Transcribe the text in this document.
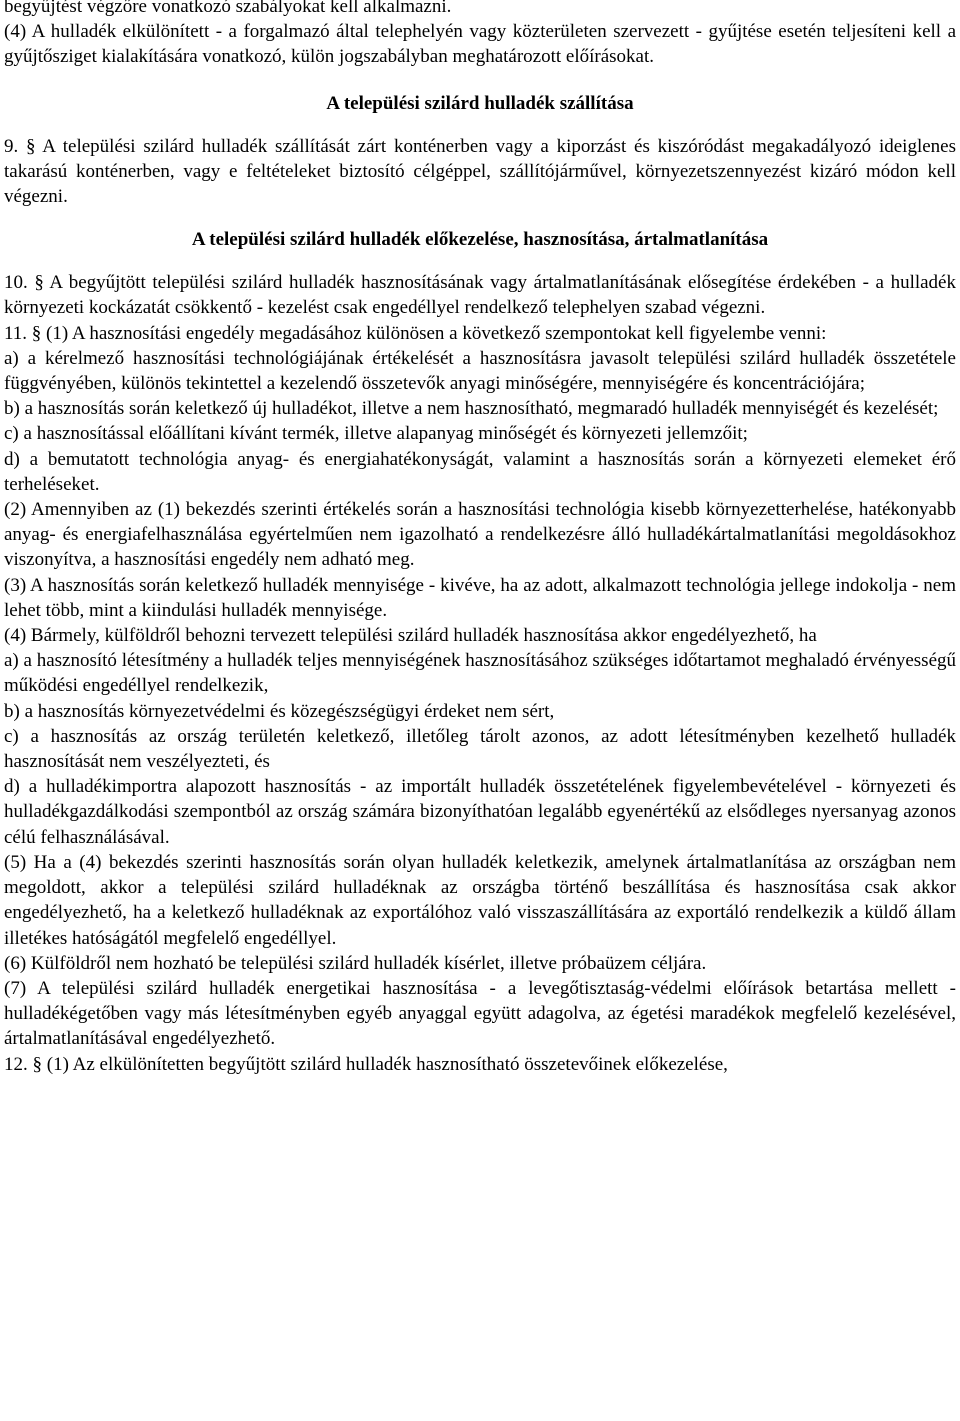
begyűjtést végzőre vonatkozó szabályokat kell alkalmazni.

(4) A hulladék elkülönített - a forgalmazó által telephelyén vagy közterületen szervezett - gyűjtése esetén teljesíteni kell a gyűjtősziget kialakítására vonatkozó, külön jogszabályban meghatározott előírásokat.

A települési szilárd hulladék szállítása

9. § A települési szilárd hulladék szállítását zárt konténerben vagy a kiporzást és kiszóródást megakadályozó ideiglenes takarású konténerben, vagy e feltételeket biztosító célgéppel, szállítójárművel, környezetszennyezést kizáró módon kell végezni.

A települési szilárd hulladék előkezelése, hasznosítása, ártalmatlanítása

10. § A begyűjtött települési szilárd hulladék hasznosításának vagy ártalmatlanításának elősegítése érdekében - a hulladék környezeti kockázatát csökkentő - kezelést csak engedéllyel rendelkező telephelyen szabad végezni.

11. § (1) A hasznosítási engedély megadásához különösen a következő szempontokat kell figyelembe venni:

a) a kérelmező hasznosítási technológiájának értékelését a hasznosításra javasolt települési szilárd hulladék összetétele függvényében, különös tekintettel a kezelendő összetevők anyagi minőségére, mennyiségére és koncentrációjára;

b) a hasznosítás során keletkező új hulladékot, illetve a nem hasznosítható, megmaradó hulladék mennyiségét és kezelését;

c) a hasznosítással előállítani kívánt termék, illetve alapanyag minőségét és környezeti jellemzőit;

d) a bemutatott technológia anyag- és energiahatékonyságát, valamint a hasznosítás során a környezeti elemeket érő terheléseket.

(2) Amennyiben az (1) bekezdés szerinti értékelés során a hasznosítási technológia kisebb környezetterhelése, hatékonyabb anyag- és energiafelhasználása egyértelműen nem igazolható a rendelkezésre álló hulladékártalmatlanítási megoldásokhoz viszonyítva, a hasznosítási engedély nem adható meg.

(3) A hasznosítás során keletkező hulladék mennyisége - kivéve, ha az adott, alkalmazott technológia jellege indokolja - nem lehet több, mint a kiindulási hulladék mennyisége.

(4) Bármely, külföldről behozni tervezett települési szilárd hulladék hasznosítása akkor engedélyezhető, ha

a) a hasznosító létesítmény a hulladék teljes mennyiségének hasznosításához szükséges időtartamot meghaladó érvényességű működési engedéllyel rendelkezik,

b) a hasznosítás környezetvédelmi és közegészségügyi érdeket nem sért,

c) a hasznosítás az ország területén keletkező, illetőleg tárolt azonos, az adott létesítményben kezelhető hulladék hasznosítását nem veszélyezteti, és

d) a hulladékimportra alapozott hasznosítás - az importált hulladék összetételének figyelembevételével - környezeti és hulladékgazdálkodási szempontból az ország számára bizonyíthatóan legalább egyenértékű az elsődleges nyersanyag azonos célú felhasználásával.

(5) Ha a (4) bekezdés szerinti hasznosítás során olyan hulladék keletkezik, amelynek ártalmatlanítása az országban nem megoldott, akkor a települési szilárd hulladéknak az országba történő beszállítása és hasznosítása csak akkor engedélyezhető, ha a keletkező hulladéknak az exportálóhoz való visszaszállítására az exportáló rendelkezik a küldő állam illetékes hatóságától megfelelő engedéllyel.

(6) Külföldről nem hozható be települési szilárd hulladék kísérlet, illetve próbaüzem céljára.

(7) A települési szilárd hulladék energetikai hasznosítása - a levegőtisztaság-védelmi előírások betartása mellett - hulladékégetőben vagy más létesítményben egyéb anyaggal együtt adagolva, az égetési maradékok megfelelő kezelésével, ártalmatlanításával engedélyezhető.

12. § (1) Az elkülönítetten begyűjtött szilárd hulladék hasznosítható összetevőinek előkezelése,
